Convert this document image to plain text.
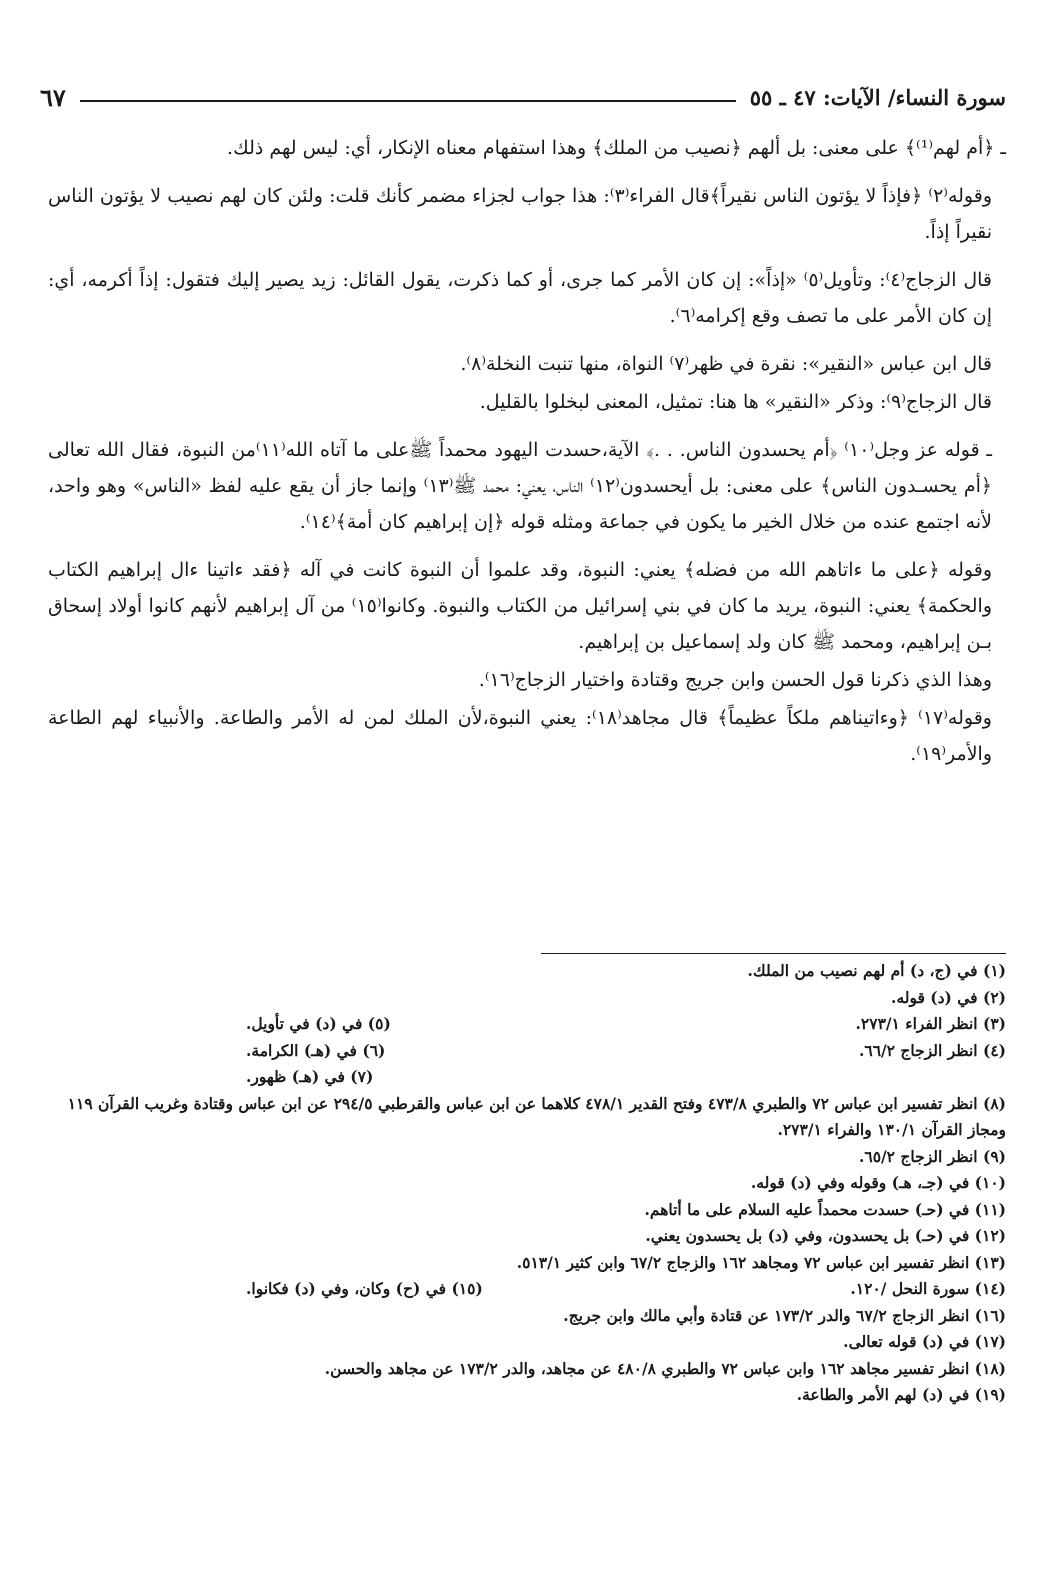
سورة النساء/ الآيات: ٤٧ ـ ٥٥
٦٧

ـ ﴿أم لهم⁽¹⁾﴾ على معنى: بل ألهم ﴿نصيب من الملك﴾ وهذا استفهام معناه الإنكار، أي: ليس لهم ذلك.

وقوله⁽٢⁾ ﴿فإذاً لا يؤتون الناس نقيراً﴾قال الفراء⁽٣⁾: هذا جواب لجزاء مضمر كأنك قلت: ولئن كان لهم نصيب لا يؤتون الناس نقيراً إذاً.

قال الزجاج⁽٤⁾: وتأويل⁽٥⁾ «إذاً»: إن كان الأمر كما جرى، أو كما ذكرت، يقول القائل: زيد يصير إليك فتقول: إذاً أكرمه، أي: إن كان الأمر على ما تصف وقع إكرامه⁽٦⁾.

قال ابن عباس «النقير»: نقرة في ظهر⁽٧⁾ النواة، منها تنبت النخلة⁽٨⁾.

قال الزجاج⁽٩⁾: وذكر «النقير» ها هنا: تمثيل، المعنى لبخلوا بالقليل.

ـ قوله عز وجل⁽١٠⁾ ﴿أم يحسدون الناس. . .﴾ الآية،حسدت اليهود محمداً ﷺعلى ما آتاه الله⁽١١⁾من النبوة، فقال الله تعالى ﴿أم يحسـدون الناس﴾ على معنى: بل أيحسدون⁽١٢⁾ الناس، يعني: محمد ﷺ⁽١٣⁾ وإنما جاز أن يقع عليه لفظ «الناس» وهو واحد، لأنه اجتمع عنده من خلال الخير ما يكون في جماعة ومثله قوله ﴿إن إبراهيم كان أمة﴾⁽١٤⁾.

وقوله ﴿على ما ءاتاهم الله من فضله﴾ يعني: النبوة، وقد علموا أن النبوة كانت في آله ﴿فقد ءاتينا ءال إبراهيم الكتاب والحكمة﴾ يعني: النبوة، يريد ما كان في بني إسرائيل من الكتاب والنبوة. وكانوا⁽١٥⁾ من آل إبراهيم لأنهم كانوا أولاد إسحاق بـن إبراهيم، ومحمد ﷺ كان ولد إسماعيل بن إبراهيم.

وهذا الذي ذكرنا قول الحسن وابن جريج وقتادة واختيار الزجاج⁽١٦⁾.

وقوله⁽١٧⁾ ﴿وءاتيناهم ملكاً عظيماً﴾ قال مجاهد⁽١٨⁾: يعني النبوة،لأن الملك لمن له الأمر والطاعة. والأنبياء لهم الطاعة والأمر⁽١٩⁾.

(١) في (ج، د) أم لهم نصيب من الملك.
(٢) في (د) قوله.
(٣) انظر الفراء ٢٧٣/١.
(٥) في (د) في تأويل.
(٤) انظر الزجاج ٦٦/٢.
(٦) في (هـ) الكرامة.
(٧) في (هـ) ظهور.
(٨) انظر تفسير ابن عباس ٧٢ والطبري ٤٧٣/٨ وفتح القدير ٤٧٨/١ كلاهما عن ابن عباس والقرطبي ٢٩٤/٥ عن ابن عباس وقتادة وغريب القرآن ١١٩ ومجاز القرآن ١٣٠/١ والفراء ٢٧٣/١.
(٩) انظر الزجاج ٦٥/٢.
(١٠) في (جـ، هـ) وقوله وفي (د) قوله.
(١١) في (حـ) حسدت محمداً عليه السلام على ما أتاهم.
(١٢) في (حـ) بل يحسدون، وفي (د) بل يحسدون يعني.
(١٣) انظر تفسير ابن عباس ٧٢ ومجاهد ١٦٢ والزجاج ٦٧/٢ وابن كثير ٥١٣/١.
(١٤) سورة النحل /١٢٠.
(١٥) في (ح) وكان، وفي (د) فكانوا.
(١٦) انظر الزجاج ٦٧/٢ والدر ١٧٣/٢ عن قتادة وأبي مالك وابن جريج.
(١٧) في (د) قوله تعالى.
(١٨) انظر تفسير مجاهد ١٦٢ وابن عباس ٧٢ والطبري ٤٨٠/٨ عن مجاهد، والدر ١٧٣/٢ عن مجاهد والحسن.
(١٩) في (د) لهم الأمر والطاعة.
